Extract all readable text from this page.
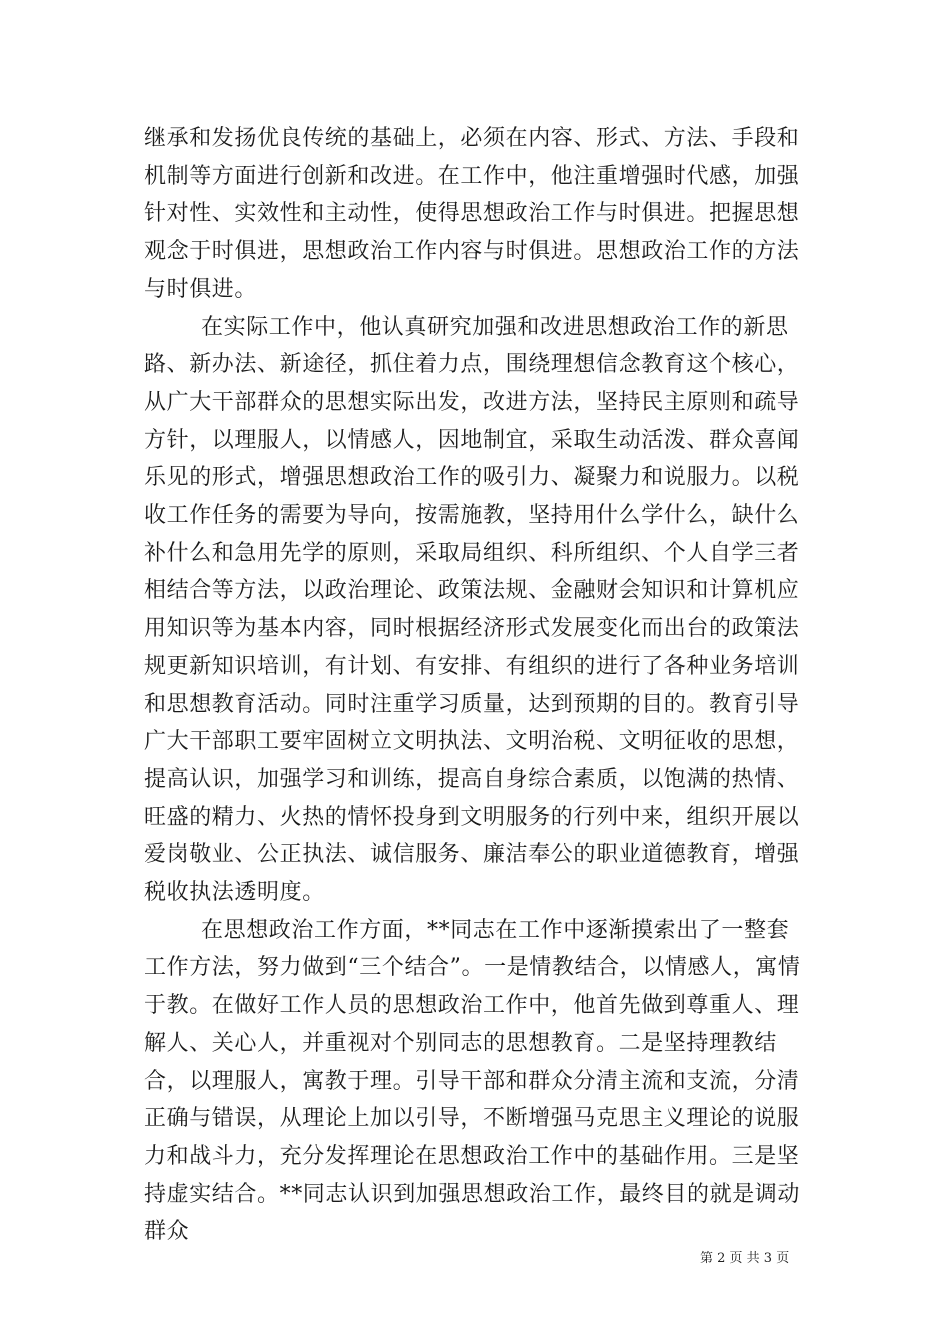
继承和发扬优良传统的基础上，必须在内容、形式、方法、手段和机制等方面进行创新和改进。在工作中，他注重增强时代感，加强针对性、实效性和主动性，使得思想政治工作与时俱进。把握思想观念于时俱进，思想政治工作内容与时俱进。思想政治工作的方法与时俱进。

在实际工作中，他认真研究加强和改进思想政治工作的新思路、新办法、新途径，抓住着力点，围绕理想信念教育这个核心，从广大干部群众的思想实际出发，改进方法，坚持民主原则和疏导方针，以理服人，以情感人，因地制宜，采取生动活泼、群众喜闻乐见的形式，增强思想政治工作的吸引力、凝聚力和说服力。以税收工作任务的需要为导向，按需施教，坚持用什么学什么，缺什么补什么和急用先学的原则，采取局组织、科所组织、个人自学三者相结合等方法，以政治理论、政策法规、金融财会知识和计算机应用知识等为基本内容，同时根据经济形式发展变化而出台的政策法规更新知识培训，有计划、有安排、有组织的进行了各种业务培训和思想教育活动。同时注重学习质量，达到预期的目的。教育引导广大干部职工要牢固树立文明执法、文明治税、文明征收的思想，提高认识，加强学习和训练，提高自身综合素质，以饱满的热情、旺盛的精力、火热的情怀投身到文明服务的行列中来，组织开展以爱岗敬业、公正执法、诚信服务、廉洁奉公的职业道德教育，增强税收执法透明度。

在思想政治工作方面，**同志在工作中逐渐摸索出了一整套工作方法，努力做到“三个结合”。一是情教结合，以情感人，寓情于教。在做好工作人员的思想政治工作中，他首先做到尊重人、理解人、关心人，并重视对个别同志的思想教育。二是坚持理教结合，以理服人，寓教于理。引导干部和群众分清主流和支流，分清正确与错误，从理论上加以引导，不断增强马克思主义理论的说服力和战斗力，充分发挥理论在思想政治工作中的基础作用。三是坚持虚实结合。**同志认识到加强思想政治工作，最终目的就是调动群众

第 2 页 共 3 页
